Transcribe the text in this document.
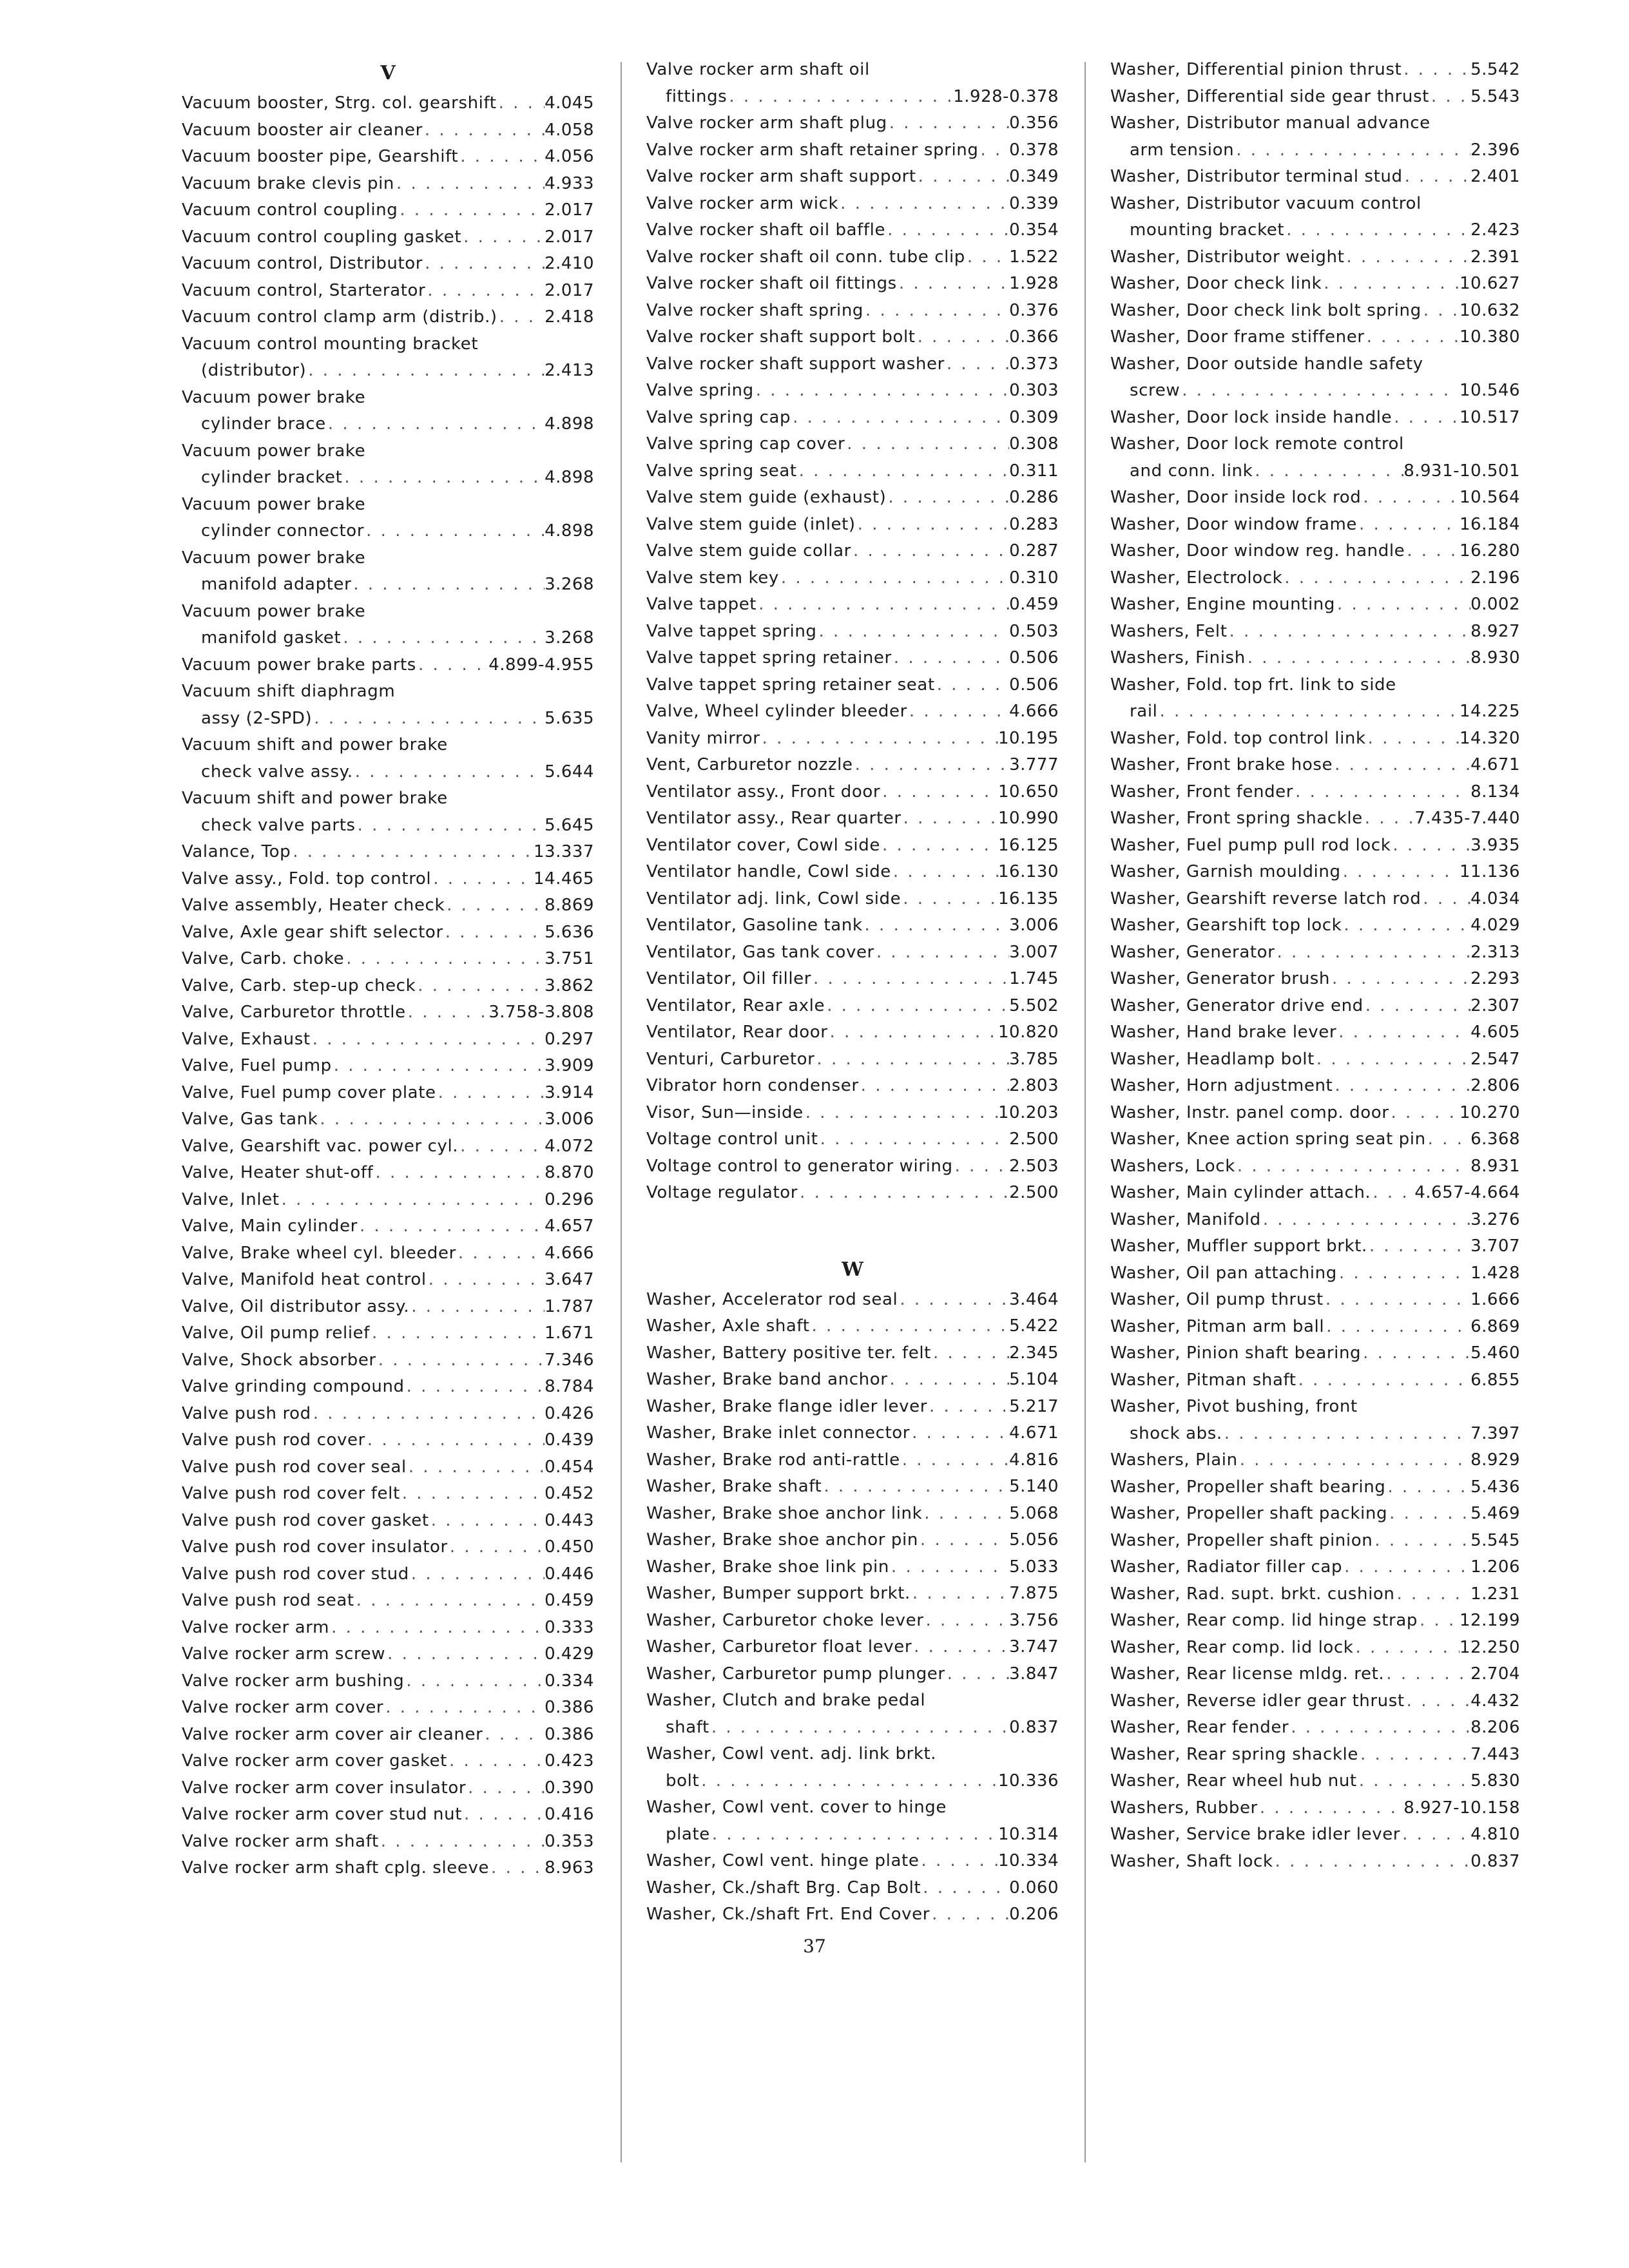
V
Vacuum booster, Strg. col. gearshift . . .	4.045
Vacuum booster air cleaner . . .	4.058
Vacuum booster pipe, Gearshift . . .	4.056
Vacuum brake clevis pin . . .	4.933
Vacuum control coupling . . .	2.017
Vacuum control coupling gasket . . .	2.017
Vacuum control, Distributor . . .	2.410
Vacuum control, Starterator . . .	2.017
Vacuum control clamp arm (distrib.) . . .	2.418
Vacuum control mounting bracket
(distributor) . . .	2.413
Vacuum power brake
cylinder brace . . .	4.898
Vacuum power brake
cylinder bracket . . .	4.898
Vacuum power brake
cylinder connector . . .	4.898
Vacuum power brake
manifold adapter . . .	3.268
Vacuum power brake
manifold gasket . . .	3.268
Vacuum power brake parts . . .	4.899-4.955
Vacuum shift diaphragm
assy (2-SPD) . . .	5.635
Vacuum shift and power brake
check valve assy. . . .	5.644
Vacuum shift and power brake
check valve parts . . .	5.645
Valance, Top . . .	13.337
Valve assy., Fold. top control . . .	14.465
Valve assembly, Heater check . . .	8.869
Valve, Axle gear shift selector . . .	5.636
Valve, Carb. choke . . .	3.751
Valve, Carb. step-up check . . .	3.862
Valve, Carburetor throttle . . .	3.758-3.808
Valve, Exhaust . . .	0.297
Valve, Fuel pump . . .	3.909
Valve, Fuel pump cover plate . . .	3.914
Valve, Gas tank . . .	3.006
Valve, Gearshift vac. power cyl. . . .	4.072
Valve, Heater shut-off . . .	8.870
Valve, Inlet . . .	0.296
Valve, Main cylinder . . .	4.657
Valve, Brake wheel cyl. bleeder . . .	4.666
Valve, Manifold heat control . . .	3.647
Valve, Oil distributor assy. . . .	1.787
Valve, Oil pump relief . . .	1.671
Valve, Shock absorber . . .	7.346
Valve grinding compound . . .	8.784
Valve push rod . . .	0.426
Valve push rod cover . . .	0.439
Valve push rod cover seal . . .	0.454
Valve push rod cover felt . . .	0.452
Valve push rod cover gasket . . .	0.443
Valve push rod cover insulator . . .	0.450
Valve push rod cover stud . . .	0.446
Valve push rod seat . . .	0.459
Valve rocker arm . . .	0.333
Valve rocker arm screw . . .	0.429
Valve rocker arm bushing . . .	0.334
Valve rocker arm cover . . .	0.386
Valve rocker arm cover air cleaner . . .	0.386
Valve rocker arm cover gasket . . .	0.423
Valve rocker arm cover insulator . . .	0.390
Valve rocker arm cover stud nut . . .	0.416
Valve rocker arm shaft . . .	0.353
Valve rocker arm shaft cplg. sleeve . . .	8.963
Valve rocker arm shaft oil
fittings . . .	1.928-0.378
Valve rocker arm shaft plug . . .	0.356
Valve rocker arm shaft retainer spring . . . 0.378
Valve rocker arm shaft support . . .	0.349
Valve rocker arm wick . . .	0.339
Valve rocker shaft oil baffle . . .	0.354
Valve rocker shaft oil conn. tube clip . . .	1.522
Valve rocker shaft oil fittings . . .	1.928
Valve rocker shaft spring . . .	0.376
Valve rocker shaft support bolt . . .	0.366
Valve rocker shaft support washer . . .	0.373
Valve spring . . .	0.303
Valve spring cap . . .	0.309
Valve spring cap cover . . .	0.308
Valve spring seat . . .	0.311
Valve stem guide (exhaust) . . .	0.286
Valve stem guide (inlet) . . .	0.283
Valve stem guide collar . . .	0.287
Valve stem key . . .	0.310
Valve tappet . . .	0.459
Valve tappet spring . . .	0.503
Valve tappet spring retainer . . .	0.506
Valve tappet spring retainer seat . . .	0.506
Valve, Wheel cylinder bleeder . . .	4.666
Vanity mirror . . .	10.195
Vent, Carburetor nozzle . . .	3.777
Ventilator assy., Front door . . .	10.650
Ventilator assy., Rear quarter . . .	10.990
Ventilator cover, Cowl side . . .	16.125
Ventilator handle, Cowl side . . .	16.130
Ventilator adj. link, Cowl side . . .	16.135
Ventilator, Gasoline tank . . .	3.006
Ventilator, Gas tank cover . . .	3.007
Ventilator, Oil filler . . .	1.745
Ventilator, Rear axle . . .	5.502
Ventilator, Rear door . . .	10.820
Venturi, Carburetor . . .	3.785
Vibrator horn condenser . . .	2.803
Visor, Sun—inside . . .	10.203
Voltage control unit . . .	2.500
Voltage control to generator wiring . . .	2.503
Voltage regulator . . .	2.500
W
Washer, Accelerator rod seal . . .	3.464
Washer, Axle shaft . . .	5.422
Washer, Battery positive ter. felt . . .	2.345
Washer, Brake band anchor . . .	5.104
Washer, Brake flange idler lever . . .	5.217
Washer, Brake inlet connector . . .	4.671
Washer, Brake rod anti-rattle . . .	4.816
Washer, Brake shaft . . .	5.140
Washer, Brake shoe anchor link . . .	5.068
Washer, Brake shoe anchor pin . . .	5.056
Washer, Brake shoe link pin . . .	5.033
Washer, Bumper support brkt. . . .	7.875
Washer, Carburetor choke lever . . .	3.756
Washer, Carburetor float lever . . .	3.747
Washer, Carburetor pump plunger . . .	3.847
Washer, Clutch and brake pedal
shaft . . .	0.837
Washer, Cowl vent. adj. link brkt.
bolt . . .	10.336
Washer, Cowl vent. cover to hinge
plate . . .	10.314
Washer, Cowl vent. hinge plate . . .	10.334
Washer, Ck./shaft Brg. Cap Bolt . . .	0.060
Washer, Ck./shaft Frt. End Cover . . .	0.206
Washer, Differential pinion thrust . . .	5.542
Washer, Differential side gear thrust . . . 5.543
Washer, Distributor manual advance
arm tension . . .	2.396
Washer, Distributor terminal stud . . .	2.401
Washer, Distributor vacuum control
mounting bracket . . .	2.423
Washer, Distributor weight . . .	2.391
Washer, Door check link . . .	10.627
Washer, Door check link bolt spring . . . 10.632
Washer, Door frame stiffener . . .	10.380
Washer, Door outside handle safety
screw . . .	10.546
Washer, Door lock inside handle . . .	10.517
Washer, Door lock remote control
and conn. link . . .	8.931-10.501
Washer, Door inside lock rod . . .	10.564
Washer, Door window frame . . .	16.184
Washer, Door window reg. handle . . .	16.280
Washer, Electrolock . . .	2.196
Washer, Engine mounting . . .	0.002
Washers, Felt . . .	8.927
Washers, Finish . . .	8.930
Washer, Fold. top frt. link to side
rail . . .	14.225
Washer, Fold. top control link . . .	14.320
Washer, Front brake hose . . .	4.671
Washer, Front fender . . .	8.134
Washer, Front spring shackle . . .	7.435-7.440
Washer, Fuel pump pull rod lock . . .	3.935
Washer, Garnish moulding . . .	11.136
Washer, Gearshift reverse latch rod . . .	4.034
Washer, Gearshift top lock . . .	4.029
Washer, Generator . . .	2.313
Washer, Generator brush . . .	2.293
Washer, Generator drive end . . .	2.307
Washer, Hand brake lever . . .	4.605
Washer, Headlamp bolt . . .	2.547
Washer, Horn adjustment . . .	2.806
Washer, Instr. panel comp. door . . .	10.270
Washer, Knee action spring seat pin . . .	6.368
Washers, Lock . . .	8.931
Washer, Main cylinder attach. . . .	4.657-4.664
Washer, Manifold . . .	3.276
Washer, Muffler support brkt. . . .	3.707
Washer, Oil pan attaching . . .	1.428
Washer, Oil pump thrust . . .	1.666
Washer, Pitman arm ball . . .	6.869
Washer, Pinion shaft bearing . . .	5.460
Washer, Pitman shaft . . .	6.855
Washer, Pivot bushing, front
shock abs. . . .	7.397
Washers, Plain . . .	8.929
Washer, Propeller shaft bearing . . .	5.436
Washer, Propeller shaft packing . . .	5.469
Washer, Propeller shaft pinion . . .	5.545
Washer, Radiator filler cap . . .	1.206
Washer, Rad. supt. brkt. cushion . . .	1.231
Washer, Rear comp. lid hinge strap . . .	12.199
Washer, Rear comp. lid lock . . .	12.250
Washer, Rear license mldg. ret. . . .	2.704
Washer, Reverse idler gear thrust . . .	4.432
Washer, Rear fender . . .	8.206
Washer, Rear spring shackle . . .	7.443
Washer, Rear wheel hub nut . . .	5.830
Washers, Rubber . . .	8.927-10.158
Washer, Service brake idler lever . . .	4.810
Washer, Shaft lock . . .	0.837
37
